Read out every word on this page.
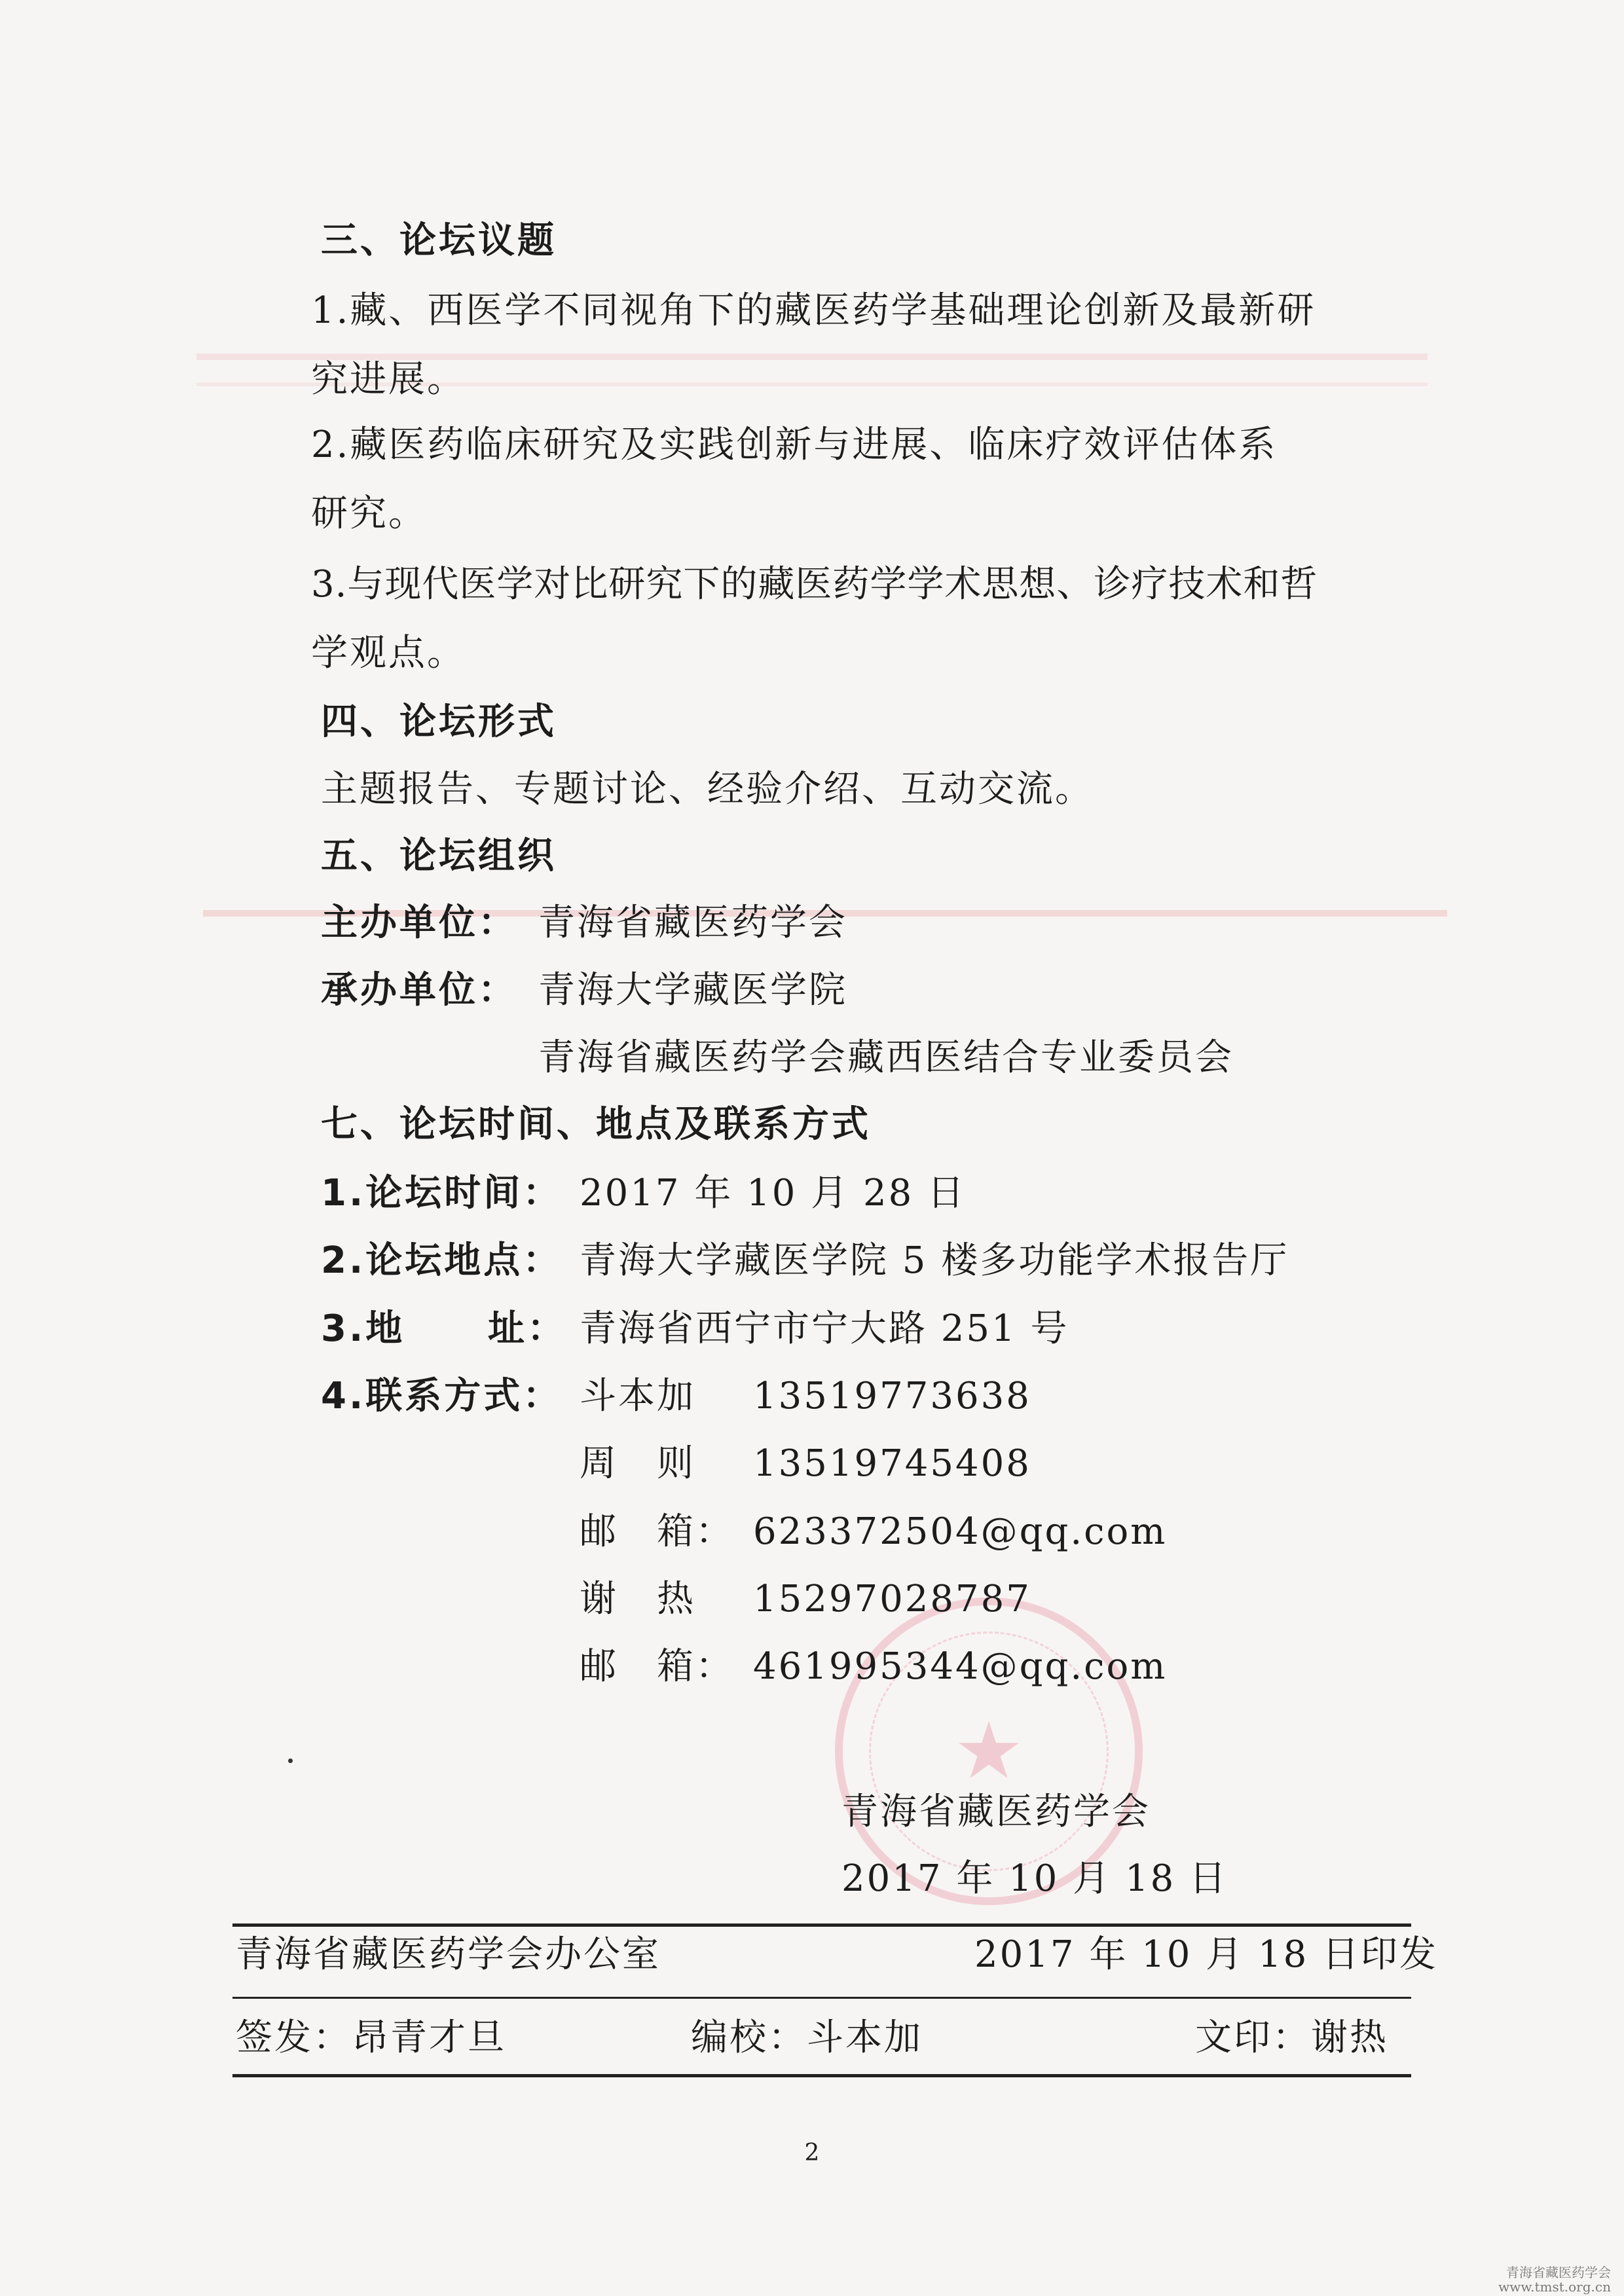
★
三、论坛议题
1.藏、西医学不同视角下的藏医药学基础理论创新及最新研
究进展。
2.藏医药临床研究及实践创新与进展、临床疗效评估体系
研究。
3.与现代医学对比研究下的藏医药学学术思想、诊疗技术和哲
学观点。
四、论坛形式
主题报告、专题讨论、经验介绍、互动交流。
五、论坛组织
主办单位： 青海省藏医药学会
承办单位： 青海大学藏医学院
青海省藏医药学会藏西医结合专业委员会
七、论坛时间、地点及联系方式
1.论坛时间： 2017 年 10 月 28 日
2.论坛地点： 青海大学藏医学院 5 楼多功能学术报告厅
3.地 址： 青海省西宁市宁大路 251 号
4.联系方式： 斗本加 13519773638
周　则 13519745408
邮　箱： 623372504@qq.com
谢　热 15297028787
邮　箱： 461995344@qq.com
青海省藏医药学会
2017 年 10 月 18 日
青海省藏医药学会办公室	2017 年 10 月 18 日印发
签发：昂青才旦	编校：斗本加	文印：谢热
2
青海省藏医药学会
www.tmst.org.cn
